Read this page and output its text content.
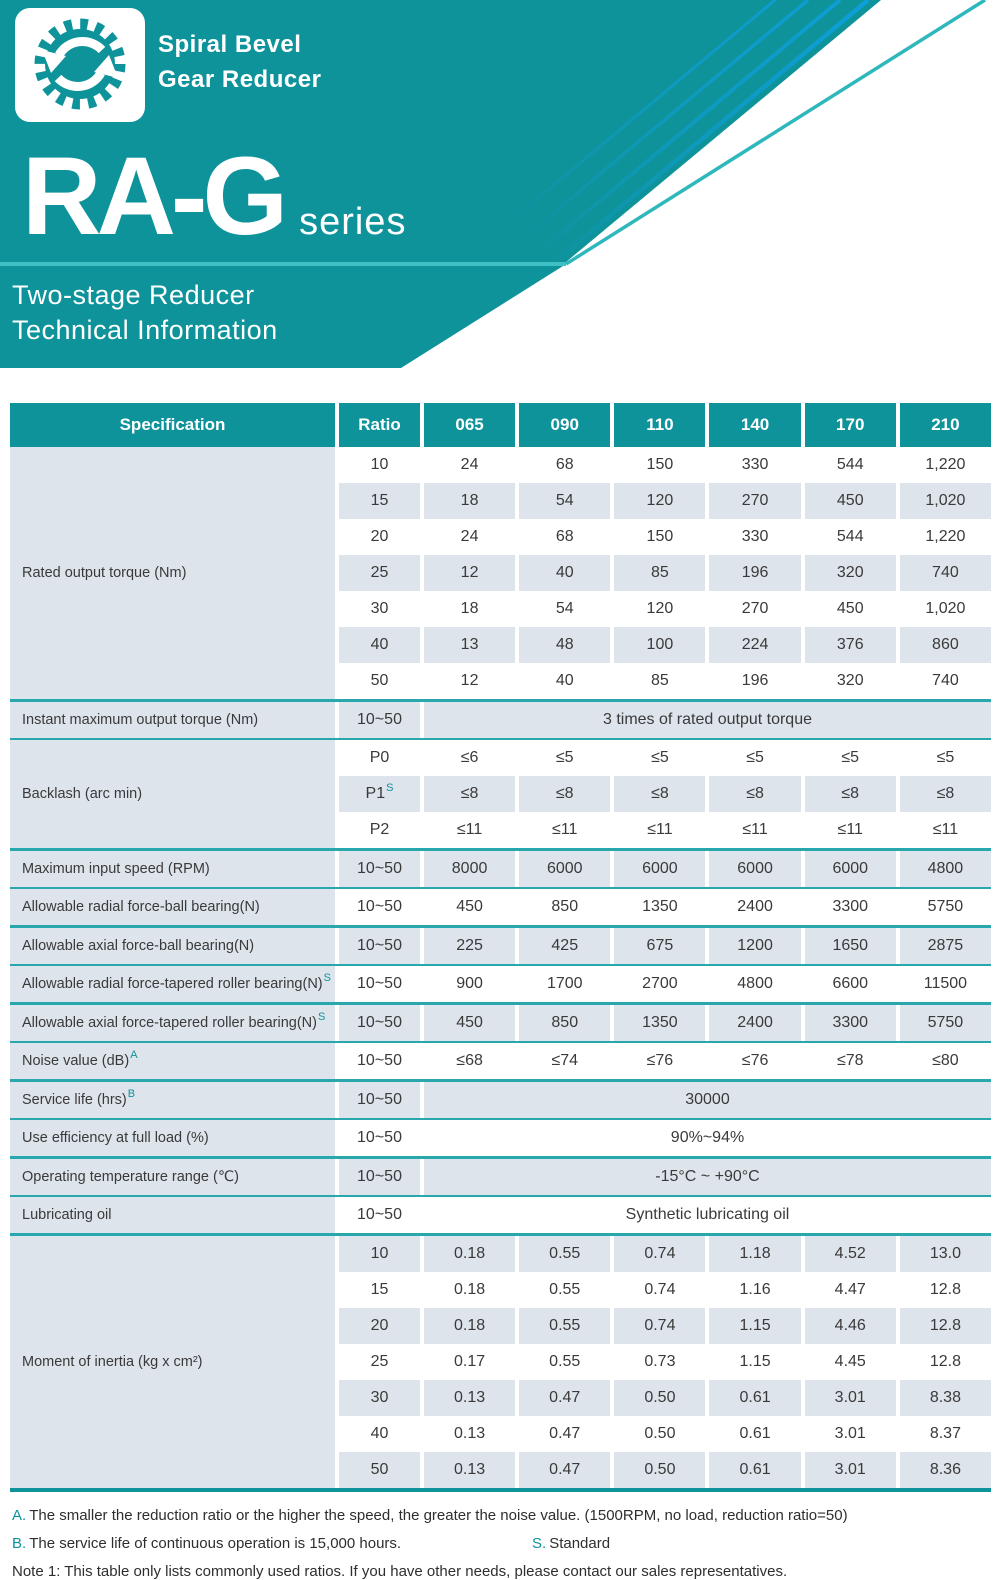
Spiral Bevel
Gear Reducer
RA-G series
Two-stage Reducer
Technical Information
Specification	Ratio	065	090	110	140	170	210
Rated output torque (Nm)
10	24	68	150	330	544	1,220
15	18	54	120	270	450	1,020
20	24	68	150	330	544	1,220
25	12	40	85	196	320	740
30	18	54	120	270	450	1,020
40	13	48	100	224	376	860
50	12	40	85	196	320	740
Instant maximum output torque (Nm)	10~50	3 times of rated output torque
Backlash (arc min)
P0	≤6	≤5	≤5	≤5	≤5	≤5
P1 S	≤8	≤8	≤8	≤8	≤8	≤8
P2	≤11	≤11	≤11	≤11	≤11	≤11
Maximum input speed (RPM)	10~50	8000	6000	6000	6000	6000	4800
Allowable radial force-ball bearing(N)	10~50	450	850	1350	2400	3300	5750
Allowable axial force-ball bearing(N)	10~50	225	425	675	1200	1650	2875
Allowable radial force-tapered roller bearing(N) S	10~50	900	1700	2700	4800	6600	11500
Allowable axial force-tapered roller bearing(N) S	10~50	450	850	1350	2400	3300	5750
Noise value (dB) A	10~50	≤68	≤74	≤76	≤76	≤78	≤80
Service life (hrs) B	10~50	30000
Use efficiency at full load (%)	10~50	90%~94%
Operating temperature range (℃)	10~50	-15°C ~ +90°C
Lubricating oil	10~50	Synthetic lubricating oil
Moment of inertia (kg x cm²)
10	0.18	0.55	0.74	1.18	4.52	13.0
15	0.18	0.55	0.74	1.16	4.47	12.8
20	0.18	0.55	0.74	1.15	4.46	12.8
25	0.17	0.55	0.73	1.15	4.45	12.8
30	0.13	0.47	0.50	0.61	3.01	8.38
40	0.13	0.47	0.50	0.61	3.01	8.37
50	0.13	0.47	0.50	0.61	3.01	8.36
A. The smaller the reduction ratio or the higher the speed, the greater the noise value. (1500RPM, no load, reduction ratio=50)
B. The service life of continuous operation is 15,000 hours.	S. Standard
Note 1: This table only lists commonly used ratios. If you have other needs, please contact our sales representatives.
